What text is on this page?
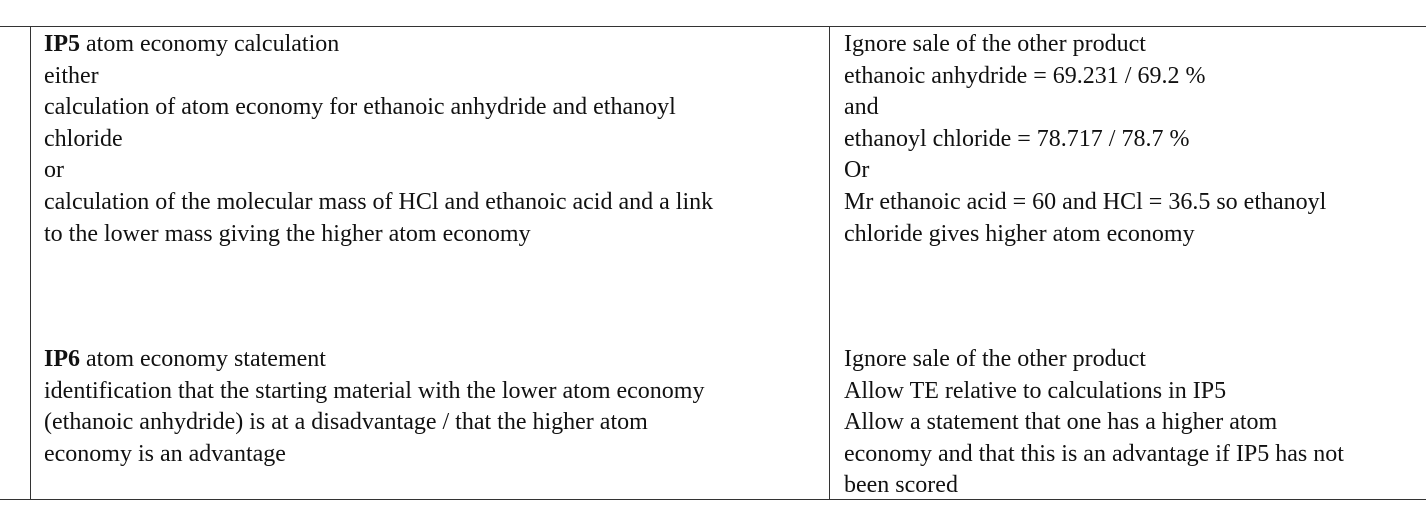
IP5 atom economy calculation
either
calculation of atom economy for ethanoic anhydride and ethanoyl
chloride
or
calculation of the molecular mass of HCl and ethanoic acid and a link
to the lower mass giving the higher atom economy
Ignore sale of the other product
ethanoic anhydride = 69.231 / 69.2 %
and
ethanoyl chloride = 78.717 / 78.7 %
Or
Mr ethanoic acid = 60 and HCl = 36.5 so ethanoyl
chloride gives higher atom economy
IP6 atom economy statement
identification that the starting material with the lower atom economy
(ethanoic anhydride) is at a disadvantage / that the higher atom
economy is an advantage
Ignore sale of the other product
Allow TE relative to calculations in IP5
Allow a statement that one has a higher atom
economy and that this is an advantage if IP5 has not
been scored
